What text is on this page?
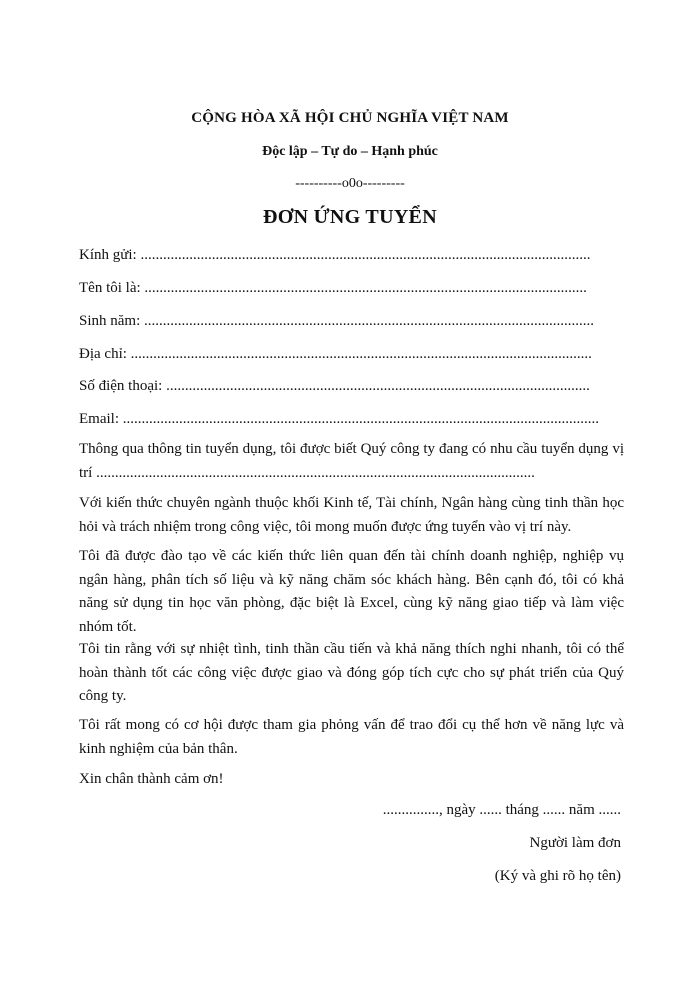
CỘNG HÒA XÃ HỘI CHỦ NGHĨA VIỆT NAM
Độc lập – Tự do – Hạnh phúc
----------o0o---------
ĐƠN ỨNG TUYỂN
Kính gửi: ........................................................................................................................
Tên tôi là: ......................................................................................................................
Sinh năm: ........................................................................................................................
Địa chỉ: ...........................................................................................................................
Số điện thoại: .................................................................................................................
Email: ...............................................................................................................................
Thông qua thông tin tuyển dụng, tôi được biết Quý công ty đang có nhu cầu tuyển dụng vị trí .....................................................................................................................
Với kiến thức chuyên ngành thuộc khối Kinh tế, Tài chính, Ngân hàng cùng tinh thần học hỏi và trách nhiệm trong công việc, tôi mong muốn được ứng tuyển vào vị trí này.
Tôi đã được đào tạo về các kiến thức liên quan đến tài chính doanh nghiệp, nghiệp vụ ngân hàng, phân tích số liệu và kỹ năng chăm sóc khách hàng. Bên cạnh đó, tôi có khả năng sử dụng tin học văn phòng, đặc biệt là Excel, cùng kỹ năng giao tiếp và làm việc nhóm tốt.
Tôi tin rằng với sự nhiệt tình, tinh thần cầu tiến và khả năng thích nghi nhanh, tôi có thể hoàn thành tốt các công việc được giao và đóng góp tích cực cho sự phát triển của Quý công ty.
Tôi rất mong có cơ hội được tham gia phỏng vấn để trao đổi cụ thể hơn về năng lực và kinh nghiệm của bản thân.
Xin chân thành cảm ơn!
..............., ngày ...... tháng ...... năm ......
Người làm đơn
(Ký và ghi rõ họ tên)
